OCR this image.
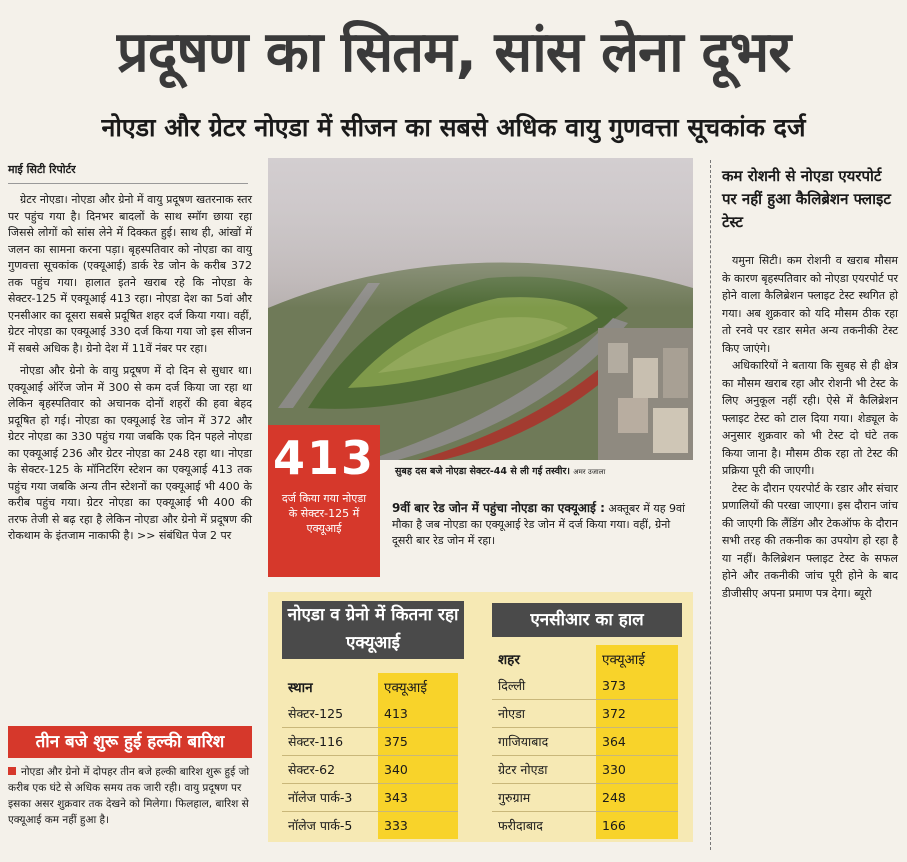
प्रदूषण का सितम, सांस लेना दूभर
नोएडा और ग्रेटर नोएडा में सीजन का सबसे अधिक वायु गुणवत्ता सूचकांक दर्ज
माई सिटी रिपोर्टर

ग्रेटर नोएडा। नोएडा और ग्रेनो में वायु प्रदूषण खतरनाक स्तर पर पहुंच गया है। दिनभर बादलों के साथ स्मॉग छाया रहा जिससे लोगों को सांस लेने में दिक्कत हुई। साथ ही, आंखों में जलन का सामना करना पड़ा। बृहस्पतिवार को नोएडा का वायु गुणवत्ता सूचकांक (एक्यूआई) डार्क रेड जोन के करीब 372 तक पहुंच गया। हालात इतने खराब रहे कि नोएडा के सेक्टर-125 में एक्यूआई 413 रहा। नोएडा देश का 5वां और एनसीआर का दूसरा सबसे प्रदूषित शहर दर्ज किया गया। वहीं, ग्रेटर नोएडा का एक्यूआई 330 दर्ज किया गया जो इस सीजन में सबसे अधिक है। ग्रेनो देश में 11वें नंबर पर रहा।

नोएडा और ग्रेनो के वायु प्रदूषण में दो दिन से सुधार था। एक्यूआई ऑरेंज जोन में 300 से कम दर्ज किया जा रहा था लेकिन बृहस्पतिवार को अचानक दोनों शहरों की हवा बेहद प्रदूषित हो गई। नोएडा का एक्यूआई रेड जोन में 372 और ग्रेटर नोएडा का 330 पहुंच गया जबकि एक दिन पहले नोएडा का एक्यूआई 236 और ग्रेटर नोएडा का 248 रहा था। नोएडा के सेक्टर-125 के मॉनिटरिंग स्टेशन का एक्यूआई 413 तक पहुंच गया जबकि अन्य तीन स्टेशनों का एक्यूआई भी 400 के करीब पहुंच गया। ग्रेटर नोएडा का एक्यूआई भी 400 की तरफ तेजी से बढ़ रहा है लेकिन नोएडा और ग्रेनो में प्रदूषण की रोकथाम के इंतजाम नाकाफी है। >> संबंधित पेज 2 पर

तीन बजे शुरू हुई हल्की बारिश
नोएडा और ग्रेनो में दोपहर तीन बजे हल्की बारिश शुरू हुई जो करीब एक घंटे से अधिक समय तक जारी रही। वायु प्रदूषण पर इसका असर शुक्रवार तक देखने को मिलेगा। फिलहाल, बारिश से एक्यूआई कम नहीं हुआ है।
413
दर्ज किया गया नोएडा के सेक्टर-125 में एक्यूआई
सुबह दस बजे नोएडा सेक्टर-44 से ली गई तस्वीर। अमर उजाला
9वीं बार रेड जोन में पहुंचा नोएडा का एक्यूआई : अक्तूबर में यह 9वां मौका है जब नोएडा का एक्यूआई रेड जोन में दर्ज किया गया। वहीं, ग्रेनो दूसरी बार रेड जोन में रहा।
नोएडा व ग्रेनो में कितना रहा एक्यूआई
स्थान	एक्यूआई
सेक्टर-125	413
सेक्टर-116	375
सेक्टर-62	340
नॉलेज पार्क-3	343
नॉलेज पार्क-5	333
एनसीआर का हाल
शहर	एक्यूआई
दिल्ली	373
नोएडा	372
गाजियाबाद	364
ग्रेटर नोएडा	330
गुरुग्राम	248
फरीदाबाद	166
कम रोशनी से नोएडा एयरपोर्ट पर नहीं हुआ कैलिब्रेशन फ्लाइट टेस्ट

यमुना सिटी। कम रोशनी व खराब मौसम के कारण बृहस्पतिवार को नोएडा एयरपोर्ट पर होने वाला कैलिब्रेशन फ्लाइट टेस्ट स्थगित हो गया। अब शुक्रवार को यदि मौसम ठीक रहा तो रनवे पर रडार समेत अन्य तकनीकी टेस्ट किए जाएंगे।

अधिकारियों ने बताया कि सुबह से ही क्षेत्र का मौसम खराब रहा और रोशनी भी टेस्ट के लिए अनुकूल नहीं रही। ऐसे में कैलिब्रेशन फ्लाइट टेस्ट को टाल दिया गया। शेड्यूल के अनुसार शुक्रवार को भी टेस्ट दो घंटे तक किया जाना है। मौसम ठीक रहा तो टेस्ट की प्रक्रिया पूरी की जाएगी।

टेस्ट के दौरान एयरपोर्ट के रडार और संचार प्रणालियों की परखा जाएगा। इस दौरान जांच की जाएगी कि लैंडिंग और टेकऑफ के दौरान सभी तरह की तकनीक का उपयोग हो रहा है या नहीं। कैलिब्रेशन फ्लाइट टेस्ट के सफल होने और तकनीकी जांच पूरी होने के बाद डीजीसीए अपना प्रमाण पत्र देगा। ब्यूरो
